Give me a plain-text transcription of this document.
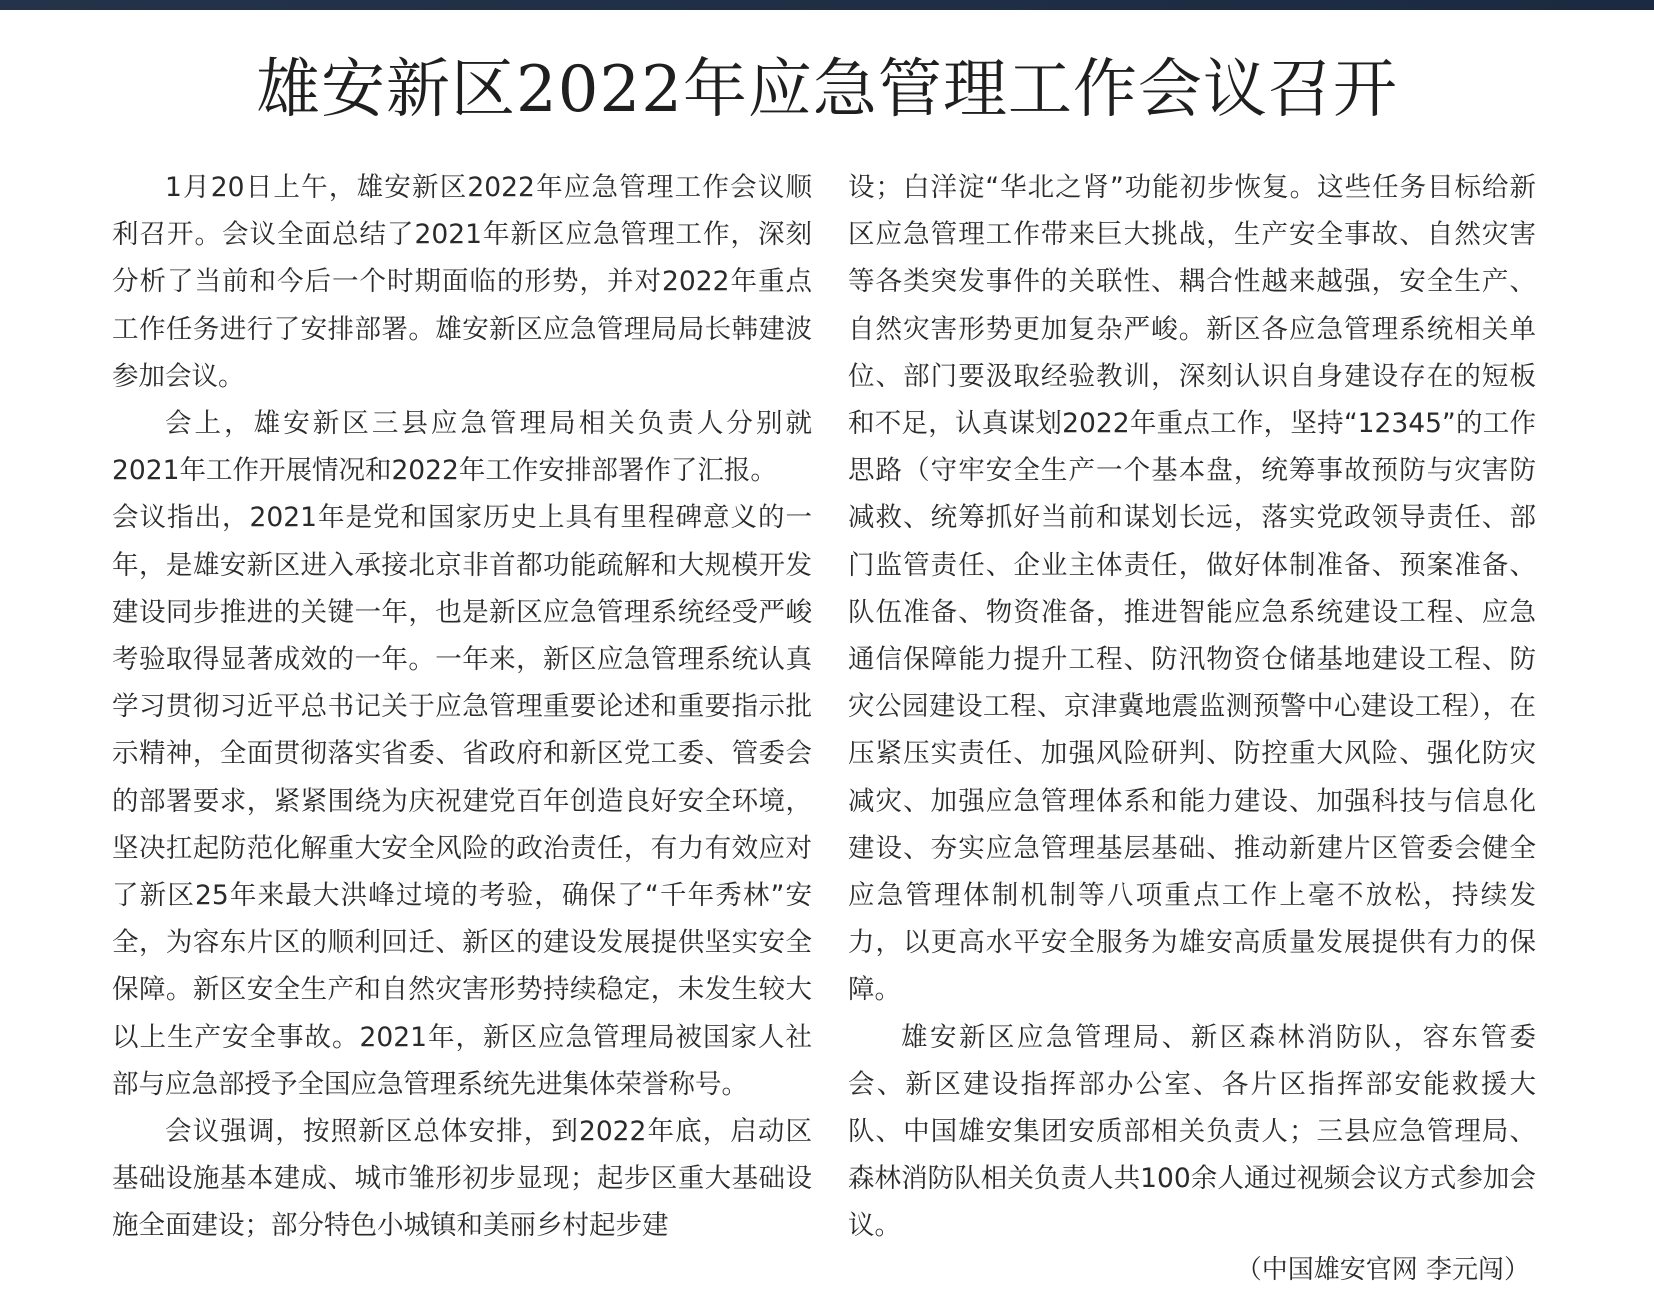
雄安新区2022年应急管理工作会议召开

1月20日上午，雄安新区2022年应急管理工作会议顺利召开。会议全面总结了2021年新区应急管理工作，深刻分析了当前和今后一个时期面临的形势，并对2022年重点工作任务进行了安排部署。雄安新区应急管理局局长韩建波参加会议。

会上，雄安新区三县应急管理局相关负责人分别就2021年工作开展情况和2022年工作安排部署作了汇报。

会议指出，2021年是党和国家历史上具有里程碑意义的一年，是雄安新区进入承接北京非首都功能疏解和大规模开发建设同步推进的关键一年，也是新区应急管理系统经受严峻考验取得显著成效的一年。一年来，新区应急管理系统认真学习贯彻习近平总书记关于应急管理重要论述和重要指示批示精神，全面贯彻落实省委、省政府和新区党工委、管委会的部署要求，紧紧围绕为庆祝建党百年创造良好安全环境，坚决扛起防范化解重大安全风险的政治责任，有力有效应对了新区25年来最大洪峰过境的考验，确保了“千年秀林”安全，为容东片区的顺利回迁、新区的建设发展提供坚实安全保障。新区安全生产和自然灾害形势持续稳定，未发生较大以上生产安全事故。2021年，新区应急管理局被国家人社部与应急部授予全国应急管理系统先进集体荣誉称号。

会议强调，按照新区总体安排，到2022年底，启动区基础设施基本建成、城市雏形初步显现；起步区重大基础设施全面建设；部分特色小城镇和美丽乡村起步建

设；白洋淀“华北之肾”功能初步恢复。这些任务目标给新区应急管理工作带来巨大挑战，生产安全事故、自然灾害等各类突发事件的关联性、耦合性越来越强，安全生产、自然灾害形势更加复杂严峻。新区各应急管理系统相关单位、部门要汲取经验教训，深刻认识自身建设存在的短板和不足，认真谋划2022年重点工作，坚持“12345”的工作思路（守牢安全生产一个基本盘，统筹事故预防与灾害防减救、统筹抓好当前和谋划长远，落实党政领导责任、部门监管责任、企业主体责任，做好体制准备、预案准备、队伍准备、物资准备，推进智能应急系统建设工程、应急通信保障能力提升工程、防汛物资仓储基地建设工程、防灾公园建设工程、京津冀地震监测预警中心建设工程），在压紧压实责任、加强风险研判、防控重大风险、强化防灾减灾、加强应急管理体系和能力建设、加强科技与信息化建设、夯实应急管理基层基础、推动新建片区管委会健全应急管理体制机制等八项重点工作上毫不放松，持续发力，以更高水平安全服务为雄安高质量发展提供有力的保障。

雄安新区应急管理局、新区森林消防队，容东管委会、新区建设指挥部办公室、各片区指挥部安能救援大队、中国雄安集团安质部相关负责人；三县应急管理局、森林消防队相关负责人共100余人通过视频会议方式参加会议。

（中国雄安官网 李元闯）
